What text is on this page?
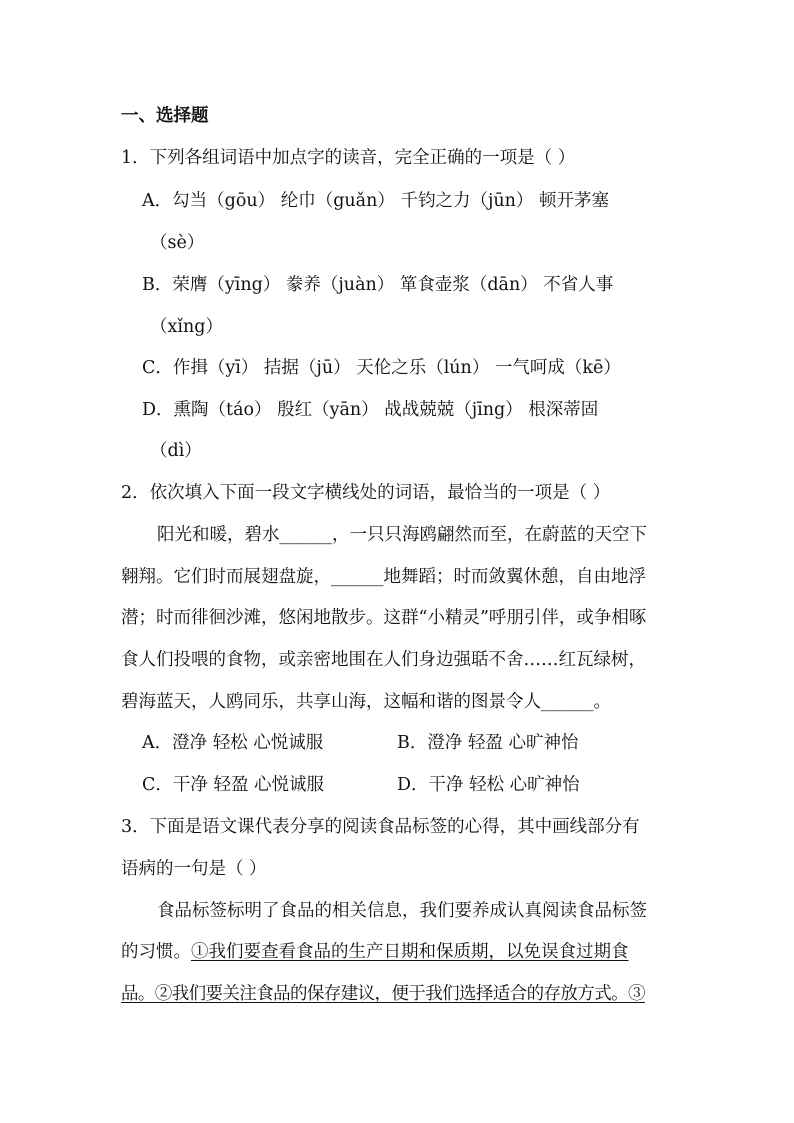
一、选择题

1．下列各组词语中加点字的读音，完全正确的一项是（ ）

A．勾当（gōu） 纶巾（guǎn） 千钧之力（jūn） 顿开茅塞

（sè）

B．荣膺（yīng） 豢养（juàn） 箪食壶浆（dān） 不省人事

（xǐng）

C．作揖（yī） 拮据（jū） 天伦之乐（lún） 一气呵成（kē）

D．熏陶（táo） 殷红（yān） 战战兢兢（jīng） 根深蒂固

（dì）

2．依次填入下面一段文字横线处的词语，最恰当的一项是（ ）

阳光和暖，碧水______，一只只海鸥翩然而至，在蔚蓝的天空下

翱翔。它们时而展翅盘旋，______地舞蹈；时而敛翼休憩，自由地浮

潜；时而徘徊沙滩，悠闲地散步。这群“小精灵”呼朋引伴，或争相啄

食人们投喂的食物，或亲密地围在人们身边强聒不舍……红瓦绿树，

碧海蓝天，人鸥同乐，共享山海，这幅和谐的图景令人______。

A．澄净 轻松 心悦诚服	B．澄净 轻盈 心旷神怡

C．干净 轻盈 心悦诚服	D．干净 轻松 心旷神怡

3．下面是语文课代表分享的阅读食品标签的心得，其中画线部分有

语病的一句是（ ）

食品标签标明了食品的相关信息，我们要养成认真阅读食品标签

的习惯。①我们要查看食品的生产日期和保质期，以免误食过期食

品。②我们要关注食品的保存建议，便于我们选择适合的存放方式。③
